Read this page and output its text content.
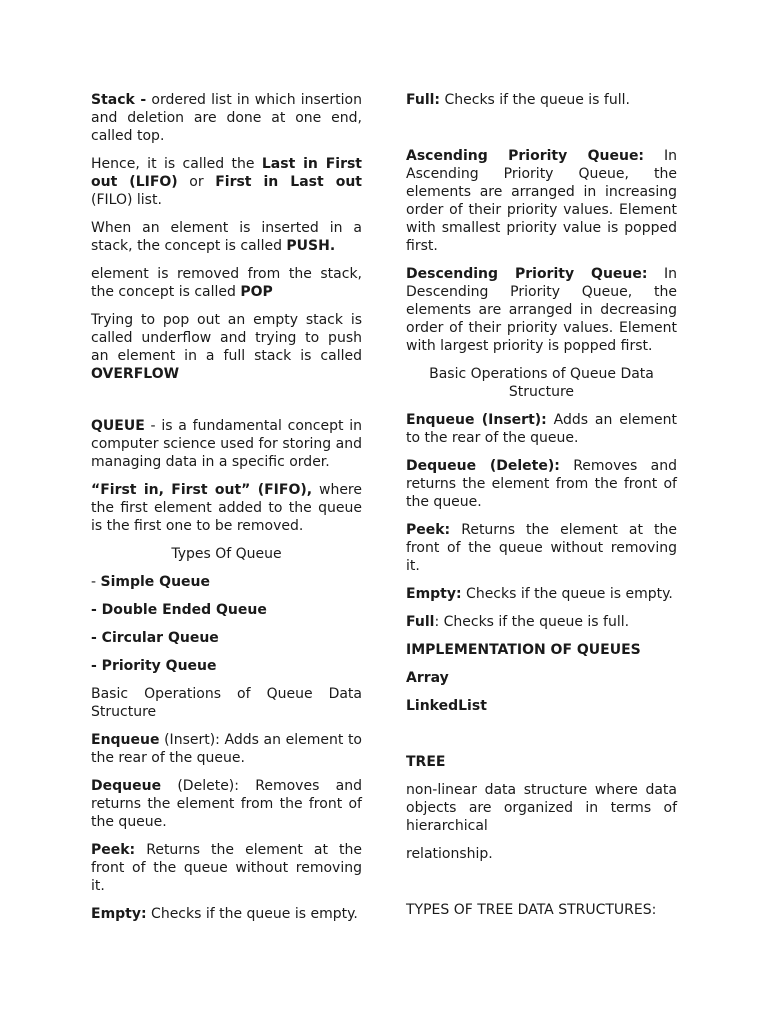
Stack - ordered list in which insertion and deletion are done at one end, called top.

Hence, it is called the Last in First out (LIFO) or First in Last out (FILO) list.

When an element is inserted in a stack, the concept is called PUSH.

element is removed from the stack, the concept is called POP

Trying to pop out an empty stack is called underflow and trying to push an element in a full stack is called OVERFLOW

QUEUE - is a fundamental concept in computer science used for storing and managing data in a specific order.

“First in, First out” (FIFO), where the first element added to the queue is the first one to be removed.

Types Of Queue

- Simple Queue

- Double Ended Queue

- Circular Queue

- Priority Queue

Basic Operations of Queue Data Structure

Enqueue (Insert): Adds an element to the rear of the queue.

Dequeue (Delete): Removes and returns the element from the front of the queue.

Peek: Returns the element at the front of the queue without removing it.

Empty: Checks if the queue is empty.

Full: Checks if the queue is full.

Ascending Priority Queue: In Ascending Priority Queue, the elements are arranged in increasing order of their priority values. Element with smallest priority value is popped first.

Descending Priority Queue: In Descending Priority Queue, the elements are arranged in decreasing order of their priority values. Element with largest priority is popped first.

Basic Operations of Queue Data Structure

Enqueue (Insert): Adds an element to the rear of the queue.

Dequeue (Delete): Removes and returns the element from the front of the queue.

Peek: Returns the element at the front of the queue without removing it.

Empty: Checks if the queue is empty.

Full: Checks if the queue is full.

IMPLEMENTATION OF QUEUES

Array

LinkedList

TREE

non-linear data structure where data objects are organized in terms of hierarchical

relationship.

TYPES OF TREE DATA STRUCTURES:
